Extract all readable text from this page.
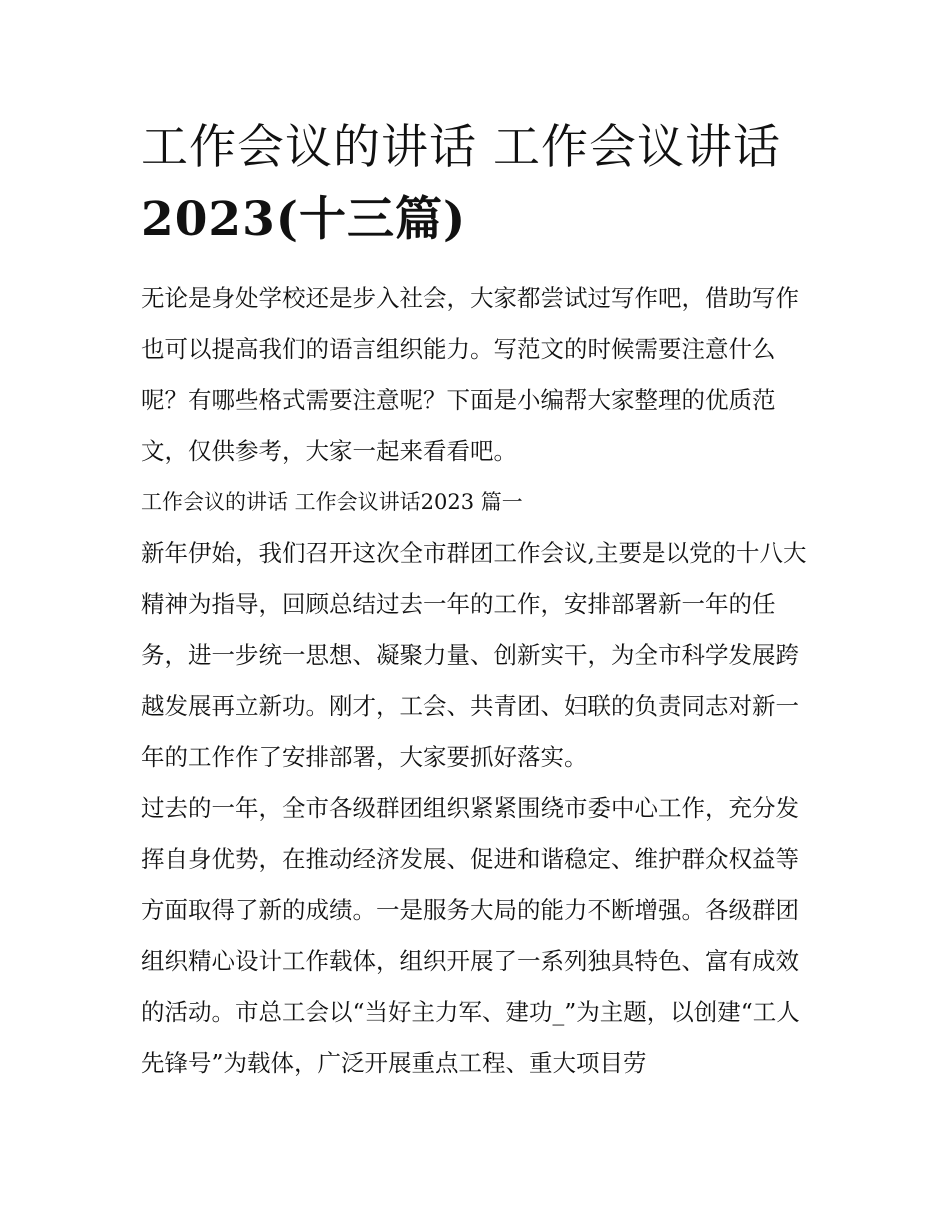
工作会议的讲话 工作会议讲话
2023(十三篇)

无论是身处学校还是步入社会，大家都尝试过写作吧，借助写作也可以提高我们的语言组织能力。写范文的时候需要注意什么呢？有哪些格式需要注意呢？下面是小编帮大家整理的优质范文，仅供参考，大家一起来看看吧。

工作会议的讲话 工作会议讲话2023 篇一

新年伊始，我们召开这次全市群团工作会议,主要是以党的十八大精神为指导，回顾总结过去一年的工作，安排部署新一年的任务，进一步统一思想、凝聚力量、创新实干，为全市科学发展跨越发展再立新功。刚才，工会、共青团、妇联的负责同志对新一年的工作作了安排部署，大家要抓好落实。

过去的一年，全市各级群团组织紧紧围绕市委中心工作，充分发挥自身优势，在推动经济发展、促进和谐稳定、维护群众权益等方面取得了新的成绩。一是服务大局的能力不断增强。各级群团组织精心设计工作载体，组织开展了一系列独具特色、富有成效的活动。市总工会以“当好主力军、建功_”为主题，以创建“工人先锋号”为载体，广泛开展重点工程、重大项目劳
